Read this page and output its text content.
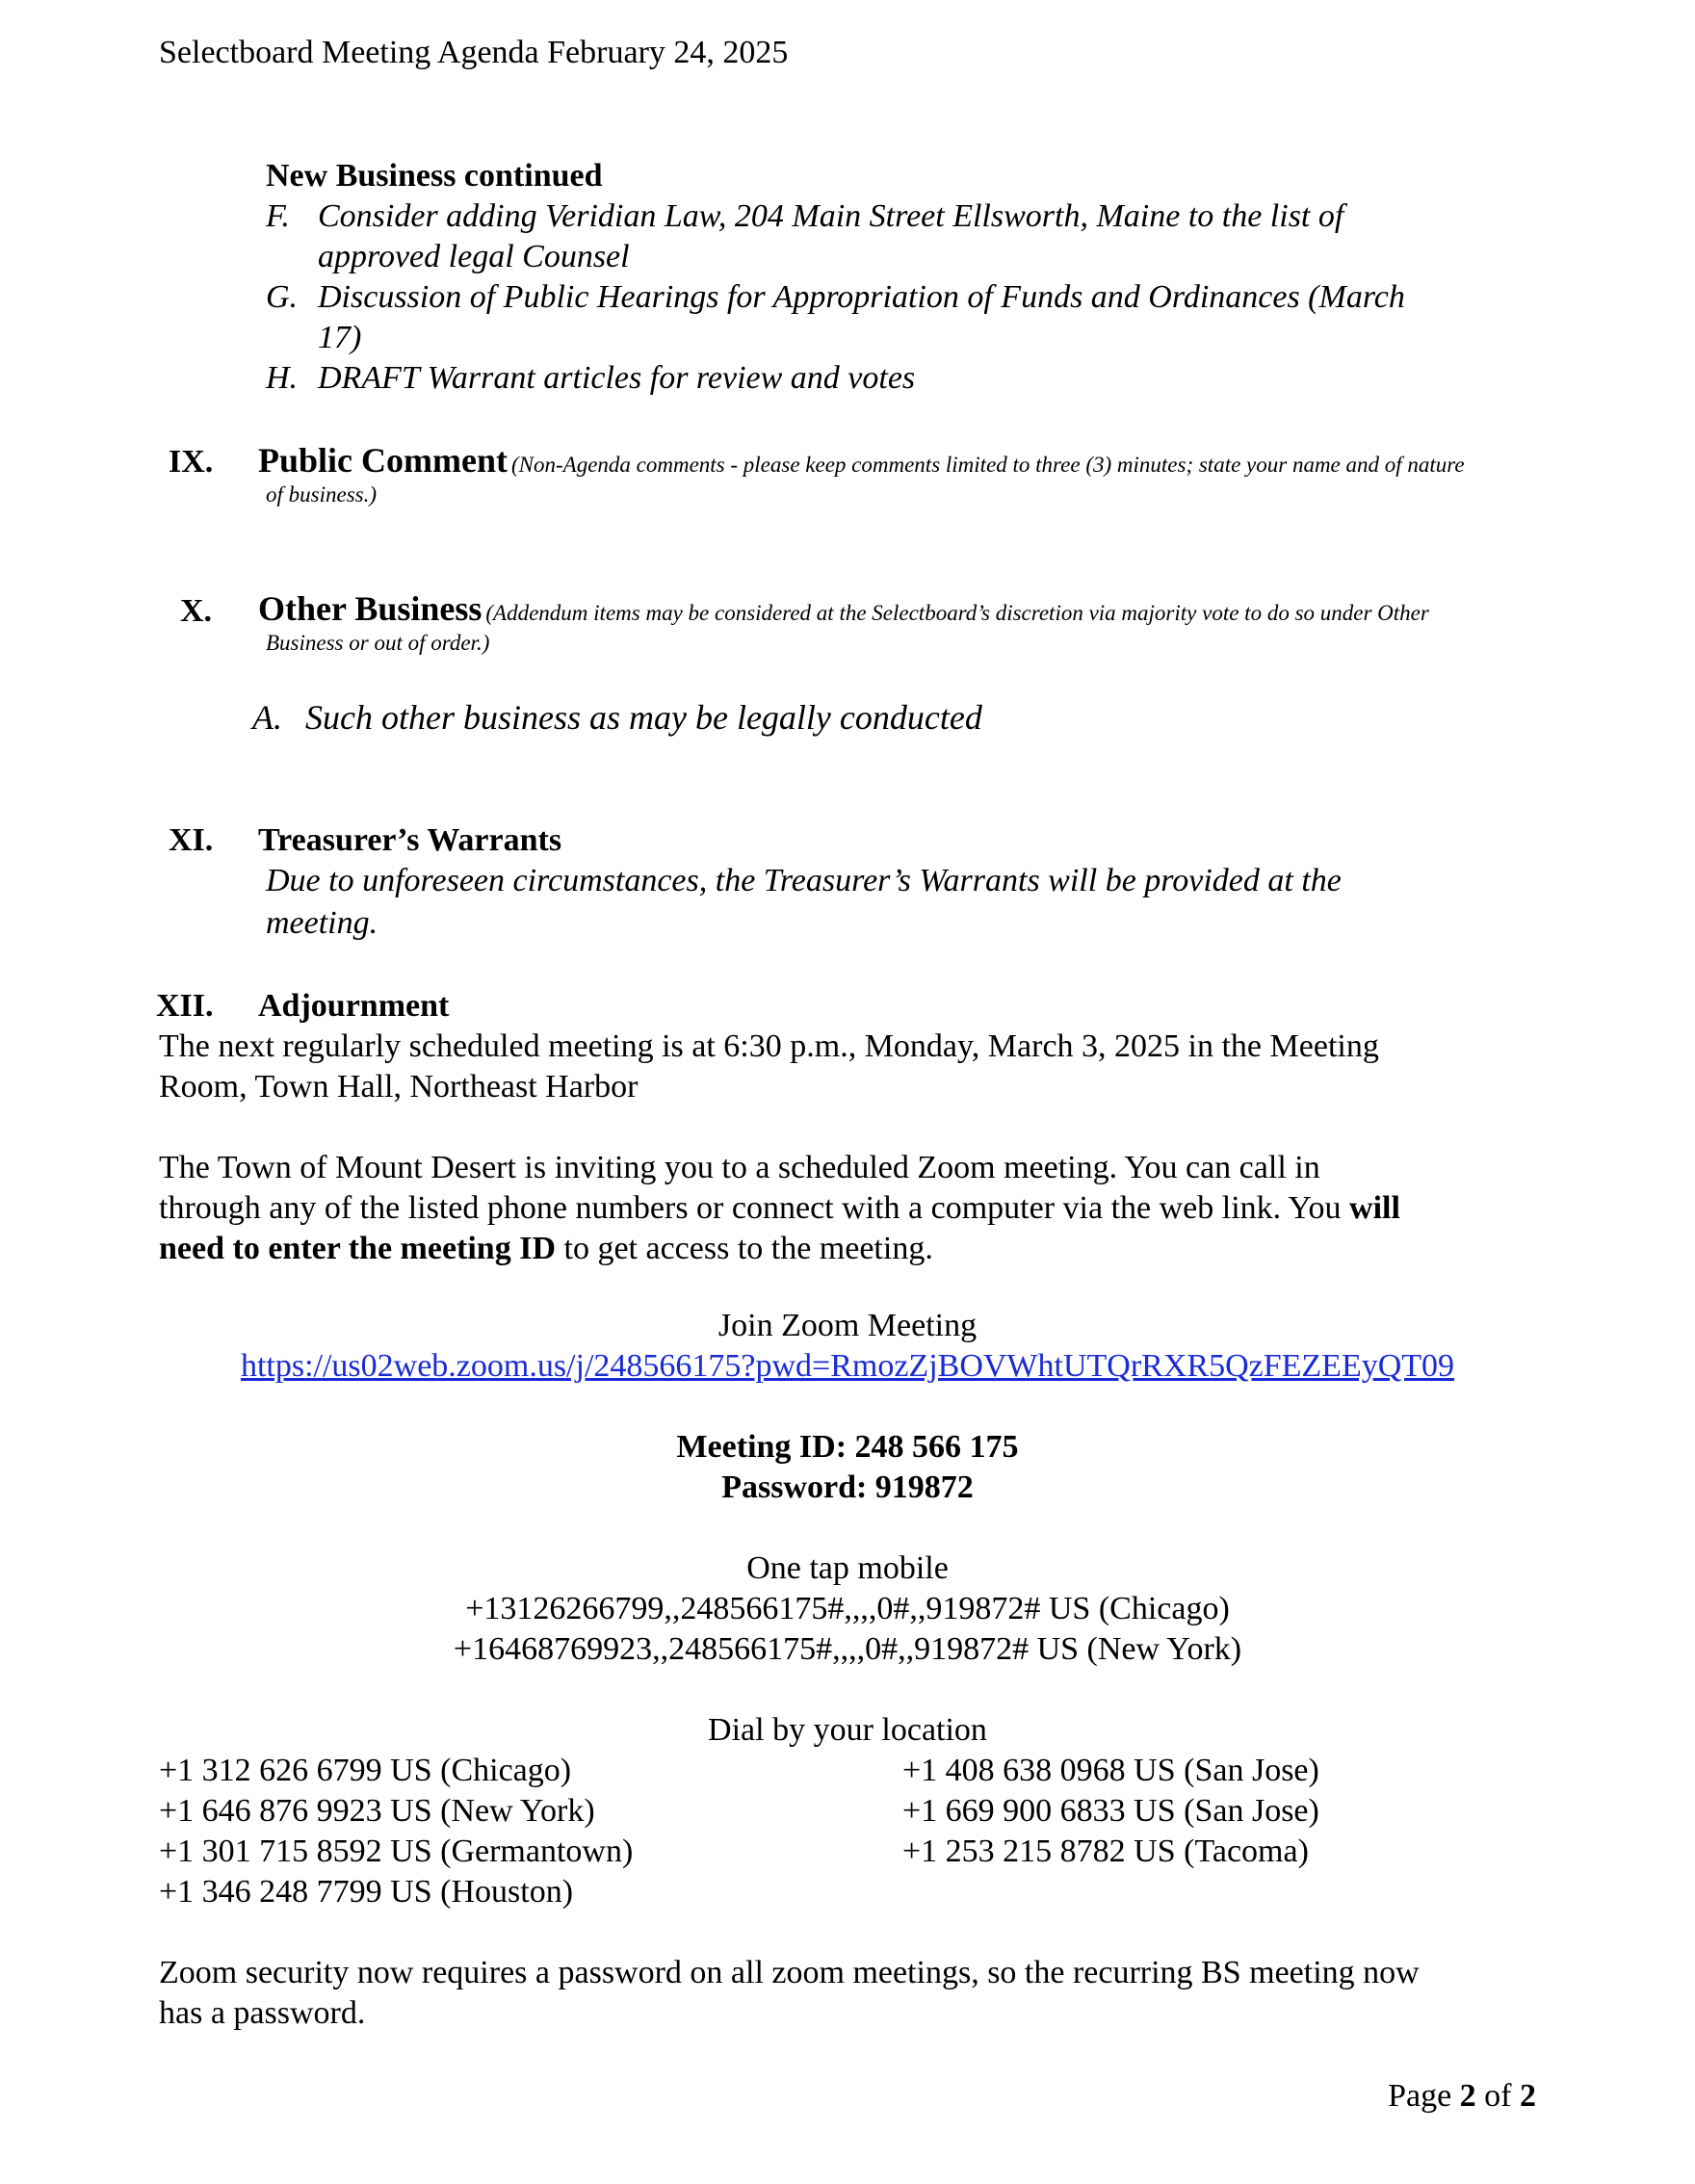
Selectboard Meeting Agenda February 24, 2025
New Business continued
F. Consider adding Veridian Law, 204 Main Street Ellsworth, Maine to the list of
approved legal Counsel
G. Discussion of Public Hearings for Appropriation of Funds and Ordinances (March
17)
H. DRAFT Warrant articles for review and votes
IX. Public Comment (Non-Agenda comments - please keep comments limited to three (3) minutes; state your name and of nature
of business.)
X. Other Business (Addendum items may be considered at the Selectboard’s discretion via majority vote to do so under Other
Business or out of order.)
A. Such other business as may be legally conducted
XI. Treasurer’s Warrants
Due to unforeseen circumstances, the Treasurer’s Warrants will be provided at the
meeting.
XII. Adjournment
The next regularly scheduled meeting is at 6:30 p.m., Monday, March 3, 2025 in the Meeting
Room, Town Hall, Northeast Harbor
The Town of Mount Desert is inviting you to a scheduled Zoom meeting. You can call in
through any of the listed phone numbers or connect with a computer via the web link. You will
need to enter the meeting ID to get access to the meeting.
Join Zoom Meeting
https://us02web.zoom.us/j/248566175?pwd=RmozZjBOVWhtUTQrRXR5QzFEZEEyQT09
Meeting ID: 248 566 175
Password: 919872
One tap mobile
+13126266799,,248566175#,,,,0#,,919872# US (Chicago)
+16468769923,,248566175#,,,,0#,,919872# US (New York)
Dial by your location
+1 312 626 6799 US (Chicago)
+1 646 876 9923 US (New York)
+1 301 715 8592 US (Germantown)
+1 346 248 7799 US (Houston)
+1 408 638 0968 US (San Jose)
+1 669 900 6833 US (San Jose)
+1 253 215 8782 US (Tacoma)
Zoom security now requires a password on all zoom meetings, so the recurring BS meeting now
has a password.
Page 2 of 2
